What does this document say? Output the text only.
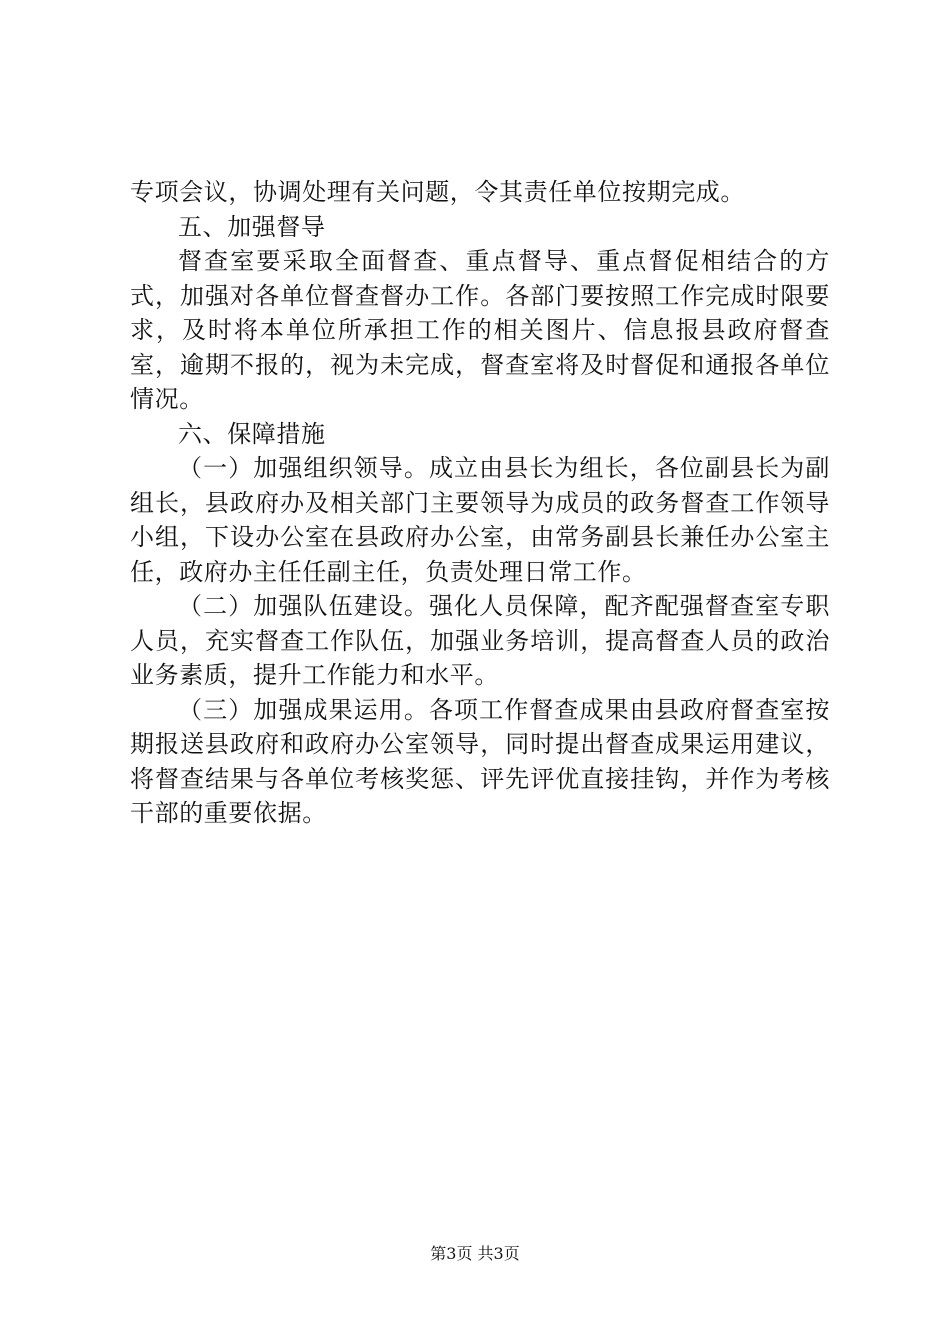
专项会议，协调处理有关问题，令其责任单位按期完成。

五、加强督导

督查室要采取全面督查、重点督导、重点督促相结合的方式，加强对各单位督查督办工作。各部门要按照工作完成时限要求，及时将本单位所承担工作的相关图片、信息报县政府督查室，逾期不报的，视为未完成，督查室将及时督促和通报各单位情况。

六、保障措施

（一）加强组织领导。成立由县长为组长，各位副县长为副组长，县政府办及相关部门主要领导为成员的政务督查工作领导小组，下设办公室在县政府办公室，由常务副县长兼任办公室主任，政府办主任任副主任，负责处理日常工作。

（二）加强队伍建设。强化人员保障，配齐配强督查室专职人员，充实督查工作队伍，加强业务培训，提高督查人员的政治业务素质，提升工作能力和水平。

（三）加强成果运用。各项工作督查成果由县政府督查室按期报送县政府和政府办公室领导，同时提出督查成果运用建议，将督查结果与各单位考核奖惩、评先评优直接挂钩，并作为考核干部的重要依据。

第3页 共3页
